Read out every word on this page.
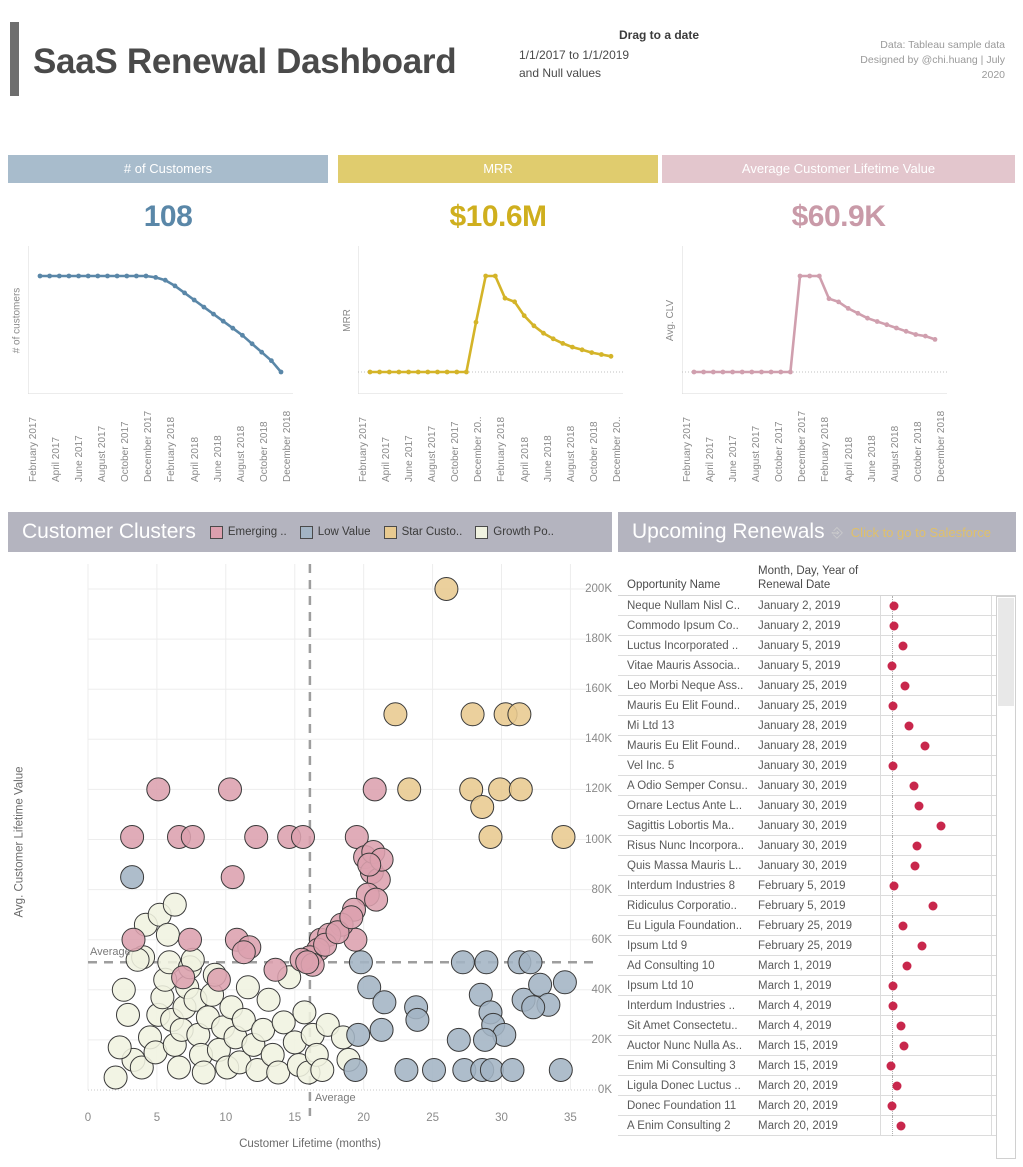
SaaS Renewal Dashboard
Drag to a date
1/1/2017 to 1/1/2019
and Null values
Data: Tableau sample data
Designed by @chi.huang | July
2020
# of Customers
108
# of customers
February 2017 April 2017 June 2017 August 2017 October 2017 December 2017 February 2018 April 2018 June 2018 August 2018 October 2018 December 2018
MRR
$10.6M
MRR
February 2017 April 2017 June 2017 August 2017 October 2017 December 20.. February 2018 April 2018 June 2018 August 2018 October 2018 December 20..
Average Customer Lifetime Value
$60.9K
Avg. CLV
February 2017 April 2017 June 2017 August 2017 October 2017 December 2017 February 2018 April 2018 June 2018 August 2018 October 2018 December 2018
Customer Clusters	Emerging ..	Low Value	Star Custo..	Growth Po..
Avg. Customer Lifetime Value
0K
20K
40K
60K
80K
100K
120K
140K
160K
180K
200K
0	5	10	15	20	25	30	35
Customer Lifetime (months)
Average
Average
Upcoming Renewals ⎆ Click to go to Salesforce
Opportunity Name
Month, Day, Year of
Renewal Date
Neque Nullam Nisl C..	January 2, 2019
Commodo Ipsum Co..	January 2, 2019
Luctus Incorporated ..	January 5, 2019
Vitae Mauris Associa..	January 5, 2019
Leo Morbi Neque Ass..	January 25, 2019
Mauris Eu Elit Found..	January 25, 2019
Mi Ltd 13	January 28, 2019
Mauris Eu Elit Found..	January 28, 2019
Vel Inc. 5	January 30, 2019
A Odio Semper Consu.. January 30, 2019
Ornare Lectus Ante L..	January 30, 2019
Sagittis Lobortis Ma..	January 30, 2019
Risus Nunc Incorpora..	January 30, 2019
Quis Massa Mauris L..	January 30, 2019
Interdum Industries 8	February 5, 2019
Ridiculus Corporatio..	February 5, 2019
Eu Ligula Foundation..	February 25, 2019
Ipsum Ltd 9	February 25, 2019
Ad Consulting 10	March 1, 2019
Ipsum Ltd 10	March 1, 2019
Interdum Industries ..	March 4, 2019
Sit Amet Consectetu..	March 4, 2019
Auctor Nunc Nulla As..	March 15, 2019
Enim Mi Consulting 3	March 15, 2019
Ligula Donec Luctus ..	March 20, 2019
Donec Foundation 11	March 20, 2019
A Enim Consulting 2	March 20, 2019
